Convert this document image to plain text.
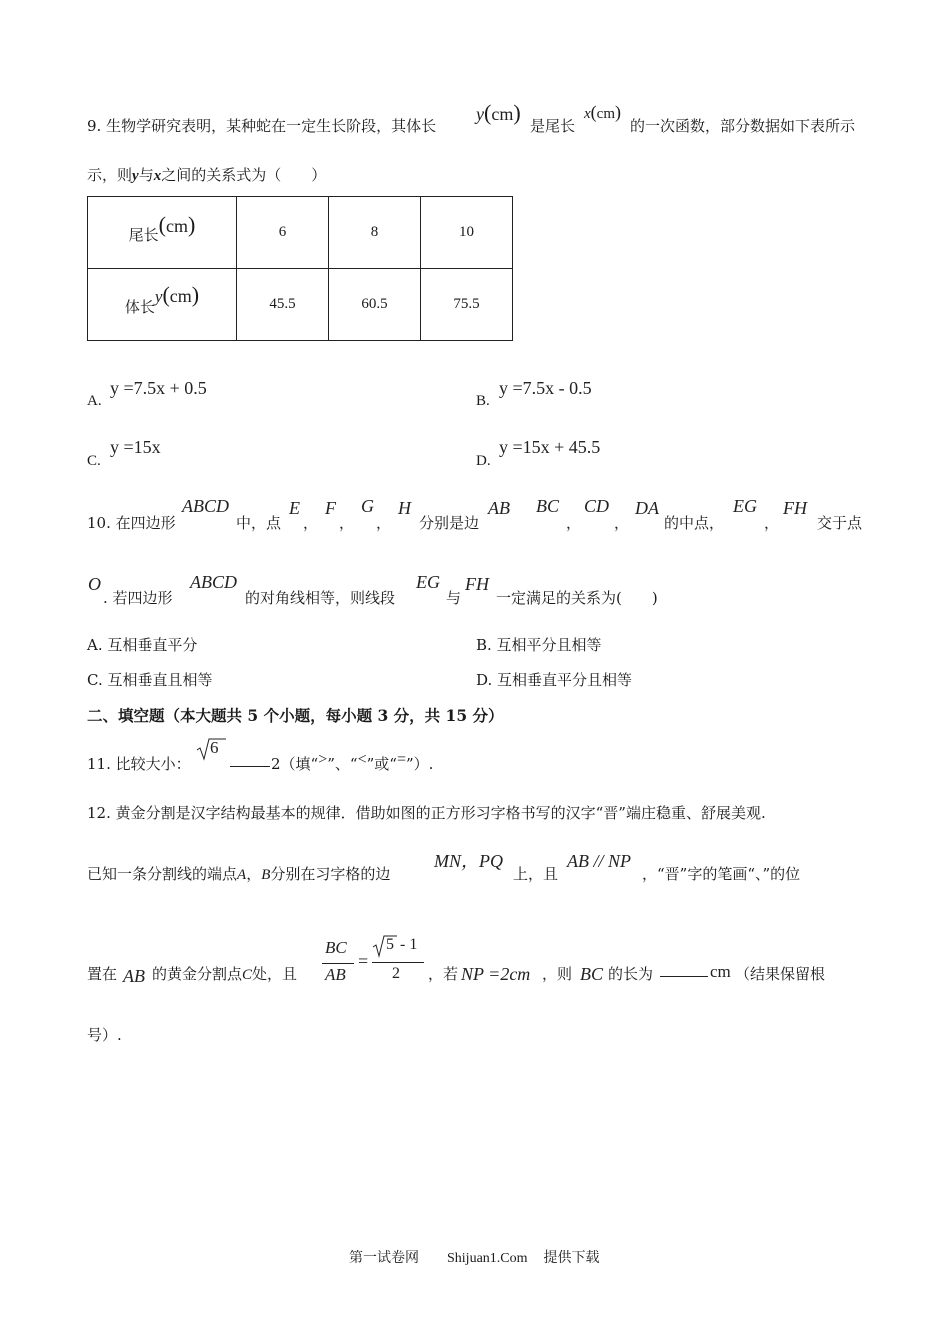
9. 生物学研究表明，某种蛇在一定生长阶段，其体长
y(cm)
是尾长
x(cm)
的一次函数，部分数据如下表所示
示，则y与x之间的关系式为（　　）
尾长(cm)	6	8	10
体长y(cm)	45.5	60.5	75.5
A.
y =7.5x + 0.5
B.
y =7.5x - 0.5
C.
y =15x
D.
y =15x + 45.5
10. 在四边形
ABCD
中，点
E
，
F
，
G
，
H
分别是边
AB BC
，
CD
，
DA
的中点，
EG
，
FH
交于点
O
. 若四边形
ABCD
的对角线相等，则线段
EG
与
FH
一定满足的关系为(　　)
A. 互相垂直平分	B. 互相平分且相等
C. 互相垂直且相等	D. 互相垂直平分且相等
二、填空题（本大题共 5 个小题，每小题 3 分，共 15 分）
11. 比较大小：
6
2（填“>”、“<”或“=”）.
12. 黄金分割是汉字结构最基本的规律．借助如图的正方形习字格书写的汉字“晋”端庄稳重、舒展美观.
已知一条分割线的端点A，B分别在习字格的边
MN，PQ
上，且
AB // NP
，“晋”字的笔画“、”的位
置在 AB 的黄金分割点C处，且
BC
AB
=
5 - 1
2 ，若 NP =2cm ，则 BC 的长为	cm （结果保留根
号）.
第一试卷网 Shijuan1.Com 提供下载
